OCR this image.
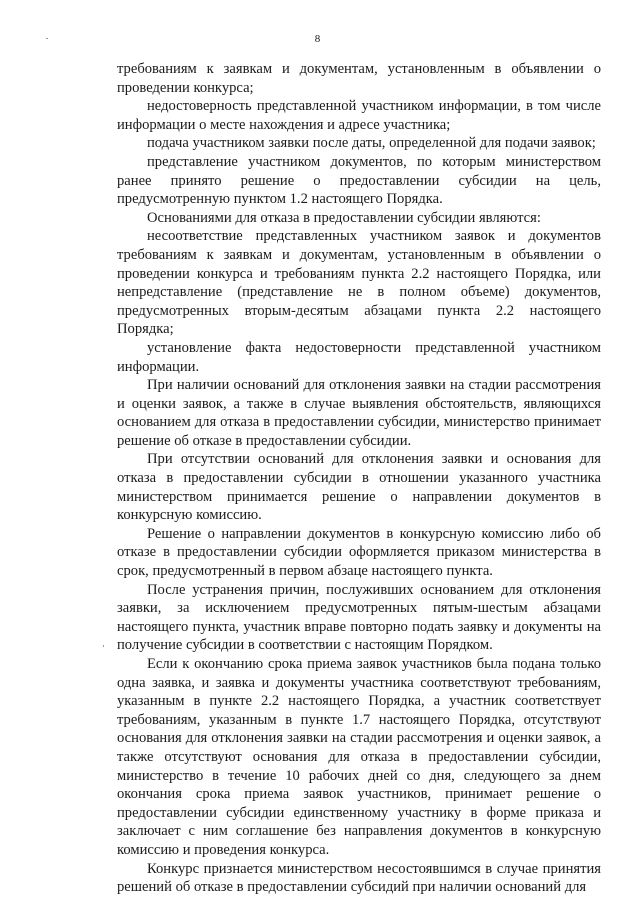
8

требованиям к заявкам и документам, установленным в объявлении о проведении конкурса;

недостоверность представленной участником информации, в том числе информации о месте нахождения и адресе участника;

подача участником заявки после даты, определенной для подачи заявок;

представление участником документов, по которым министерством ранее принято решение о предоставлении субсидии на цель, предусмотренную пунктом 1.2 настоящего Порядка.

Основаниями для отказа в предоставлении субсидии являются:

несоответствие представленных участником заявок и документов требованиям к заявкам и документам, установленным в объявлении о проведении конкурса и требованиям пункта 2.2 настоящего Порядка, или непредставление (представление не в полном объеме) документов, предусмотренных вторым-десятым абзацами пункта 2.2 настоящего Порядка;

установление факта недостоверности представленной участником информации.

При наличии оснований для отклонения заявки на стадии рассмотрения и оценки заявок, а также в случае выявления обстоятельств, являющихся основанием для отказа в предоставлении субсидии, министерство принимает решение об отказе в предоставлении субсидии.

При отсутствии оснований для отклонения заявки и основания для отказа в предоставлении субсидии в отношении указанного участника министерством принимается решение о направлении документов в конкурсную комиссию.

Решение о направлении документов в конкурсную комиссию либо об отказе в предоставлении субсидии оформляется приказом министерства в срок, предусмотренный в первом абзаце настоящего пункта.

После устранения причин, послуживших основанием для отклонения заявки, за исключением предусмотренных пятым-шестым абзацами настоящего пункта, участник вправе повторно подать заявку и документы на получение субсидии в соответствии с настоящим Порядком.

Если к окончанию срока приема заявок участников была подана только одна заявка, и заявка и документы участника соответствуют требованиям, указанным в пункте 2.2 настоящего Порядка, а участник соответствует требованиям, указанным в пункте 1.7 настоящего Порядка, отсутствуют основания для отклонения заявки на стадии рассмотрения и оценки заявок, а также отсутствуют основания для отказа в предоставлении субсидии, министерство в течение 10 рабочих дней со дня, следующего за днем окончания срока приема заявок участников, принимает решение о предоставлении субсидии единственному участнику в форме приказа и заключает с ним соглашение без направления документов в конкурсную комиссию и проведения конкурса.

Конкурс признается министерством несостоявшимся в случае принятия решений об отказе в предоставлении субсидий при наличии оснований для
